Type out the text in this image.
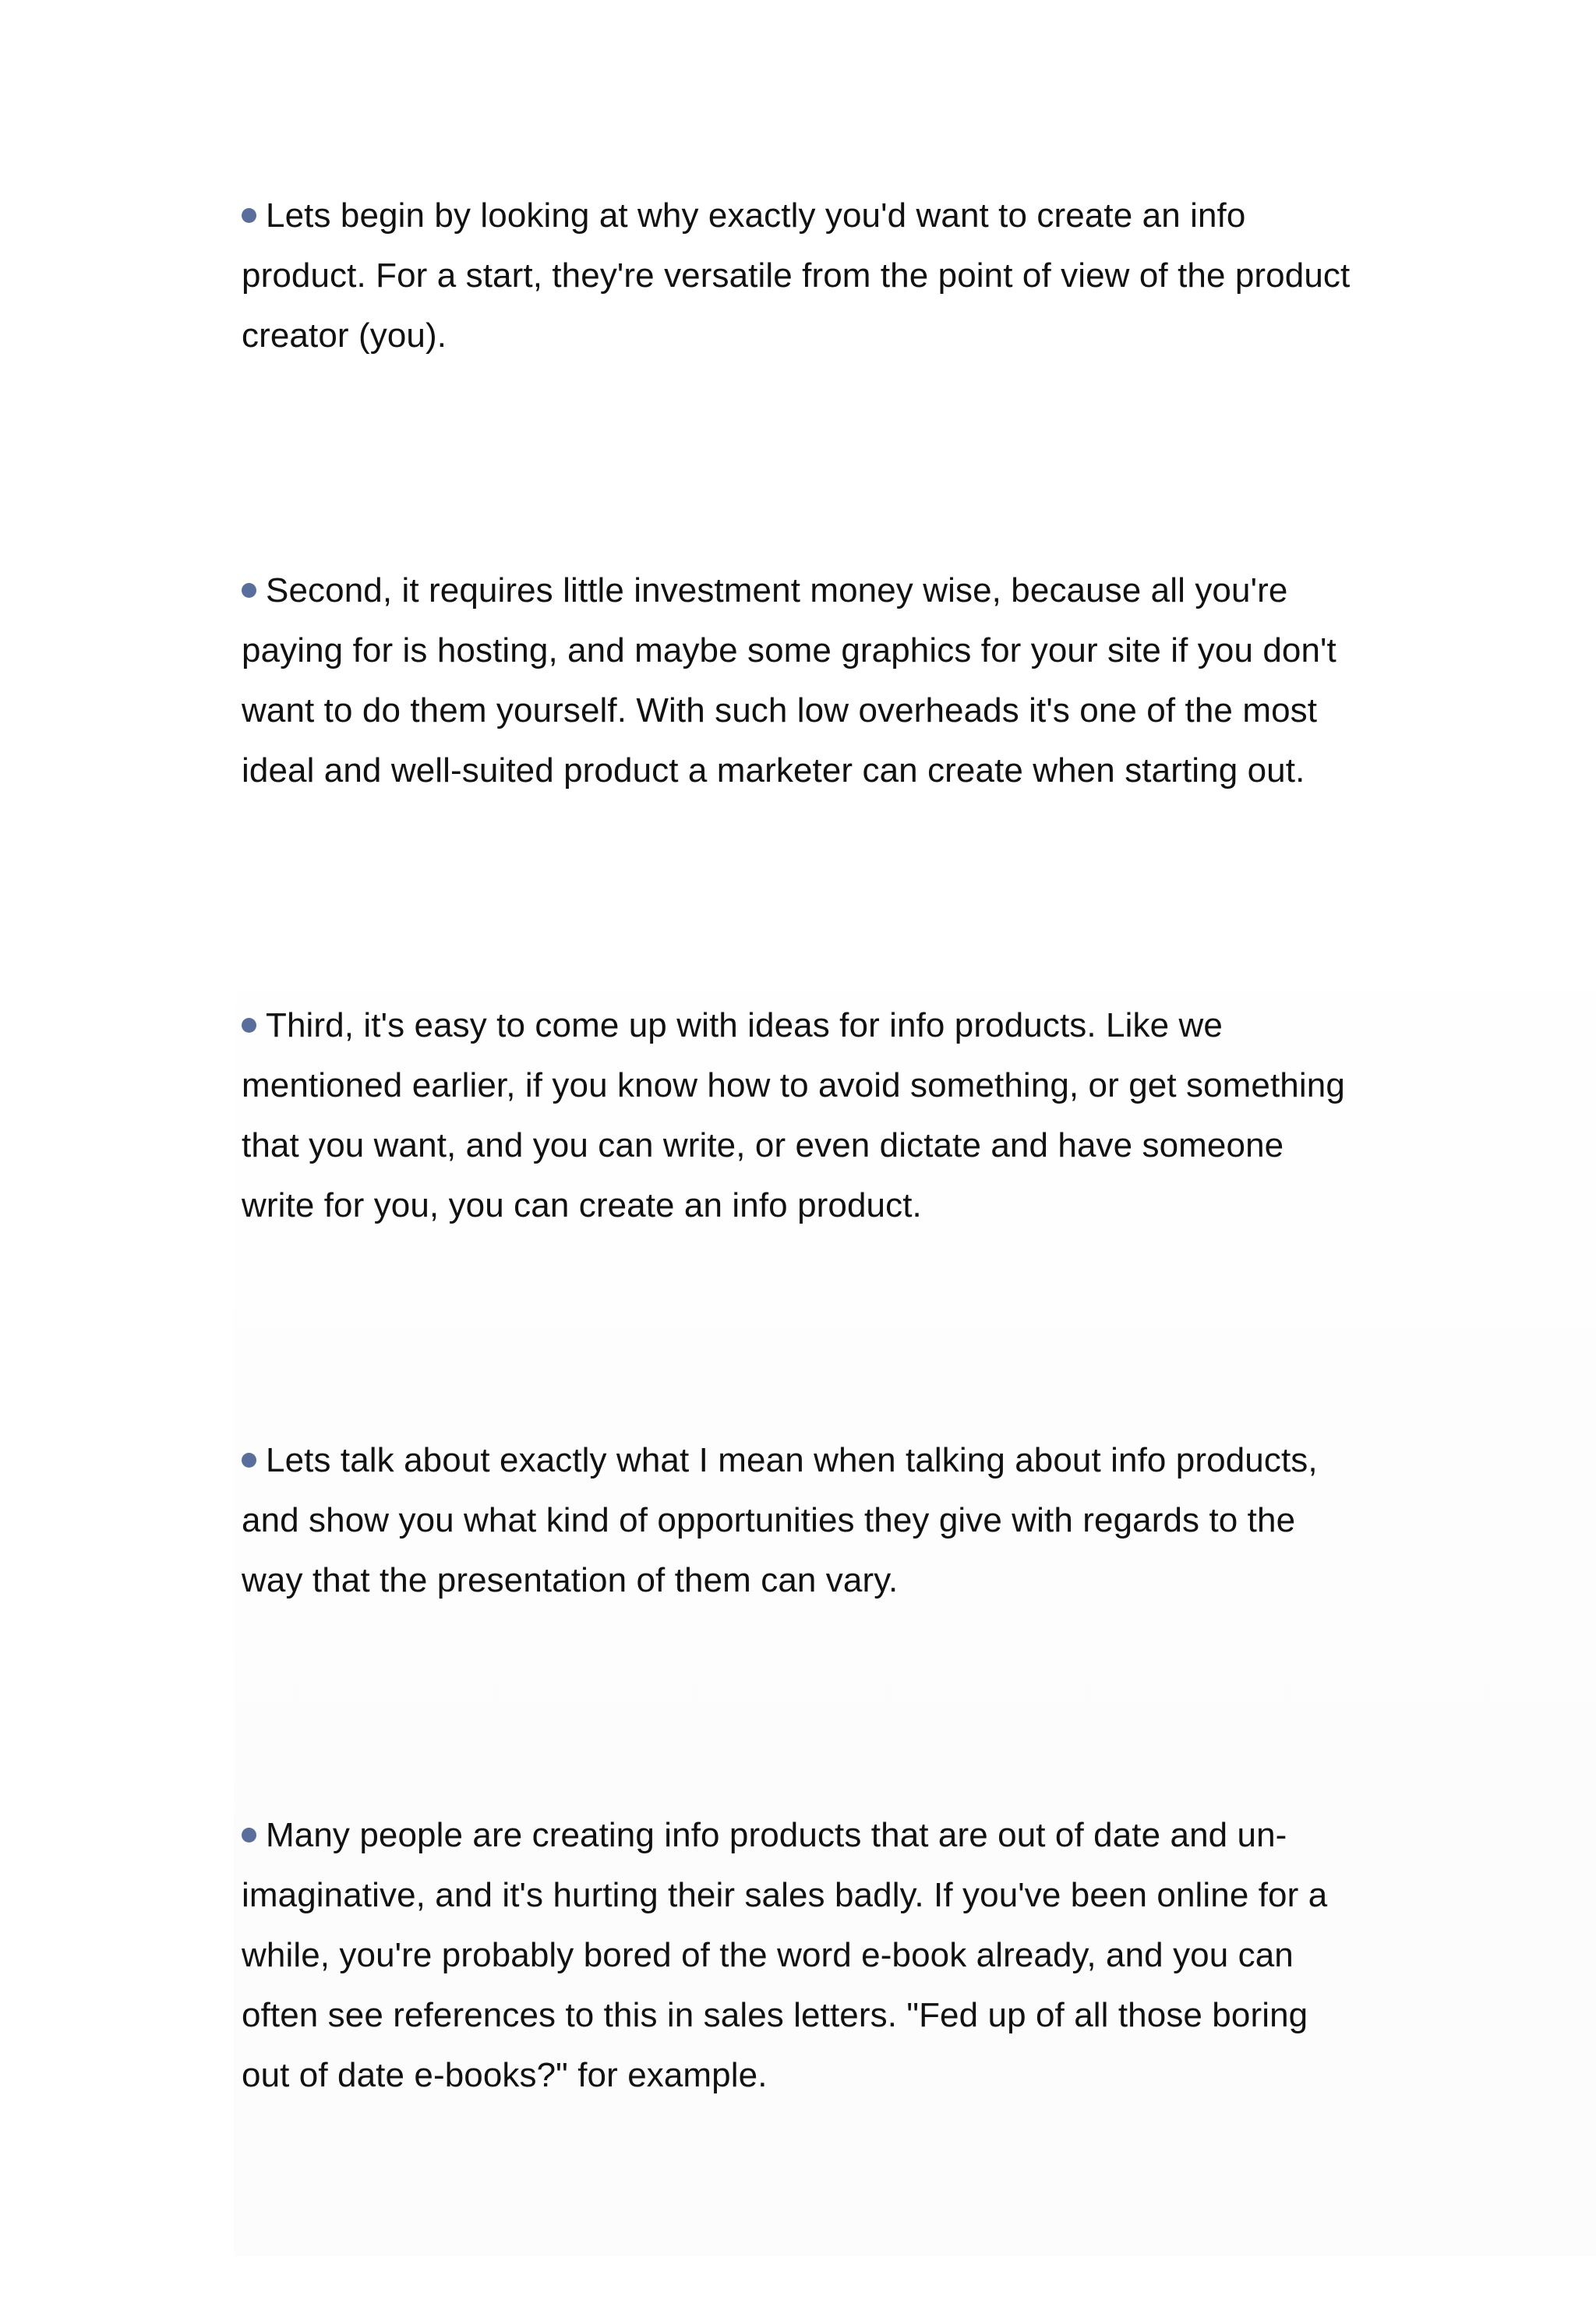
Lets begin by looking at why exactly you'd want to create an info product. For a start, they're versatile from the point of view of the product creator (you).

Second, it requires little investment money wise, because all you're paying for is hosting, and maybe some graphics for your site if you don't want to do them yourself. With such low overheads it's one of the most ideal and well-suited product a marketer can create when starting out.

Third, it's easy to come up with ideas for info products. Like we mentioned earlier, if you know how to avoid something, or get something that you want, and you can write, or even dictate and have someone write for you, you can create an info product.

Lets talk about exactly what I mean when talking about info products, and show you what kind of opportunities they give with regards to the way that the presentation of them can vary.

Many people are creating info products that are out of date and un-imaginative, and it's hurting their sales badly. If you've been online for a while, you're probably bored of the word e-book already, and you can often see references to this in sales letters. "Fed up of all those boring out of date e-books?" for example.
